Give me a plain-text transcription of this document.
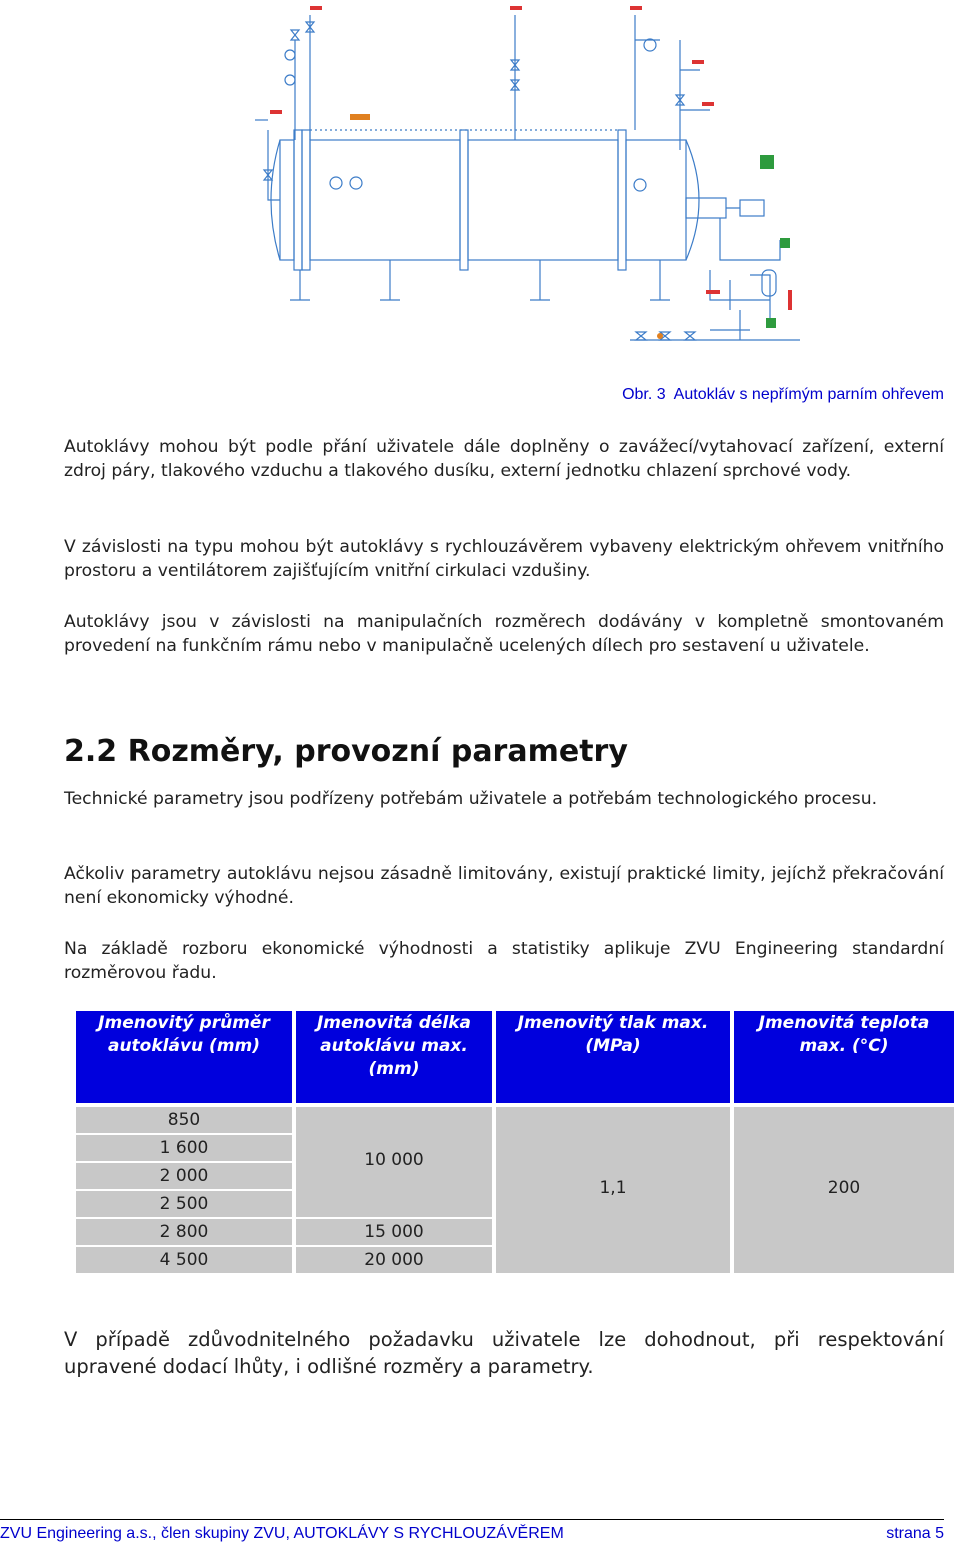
Obr. 3 Autokláv s nepřímým parním ohřevem

Autoklávy mohou být podle přání uživatele dále doplněny o zavážecí/vytahovací zařízení, externí zdroj páry, tlakového vzduchu a tlakového dusíku, externí jednotku chlazení sprchové vody.

V závislosti na typu mohou být autoklávy s rychlouzávěrem vybaveny elektrickým ohřevem vnitřního prostoru a ventilátorem zajišťujícím vnitřní cirkulaci vzdušiny.

Autoklávy jsou v závislosti na manipulačních rozměrech dodávány v kompletně smontovaném provedení na funkčním rámu nebo v manipulačně ucelených dílech pro sestavení u uživatele.

2.2 Rozměry, provozní parametry

Technické parametry jsou podřízeny potřebám uživatele a potřebám technologického procesu.

Ačkoliv parametry autoklávu nejsou zásadně limitovány, existují praktické limity, jejíchž překračování není ekonomicky výhodné.

Na základě rozboru ekonomické výhodnosti a statistiky aplikuje ZVU Engineering standardní rozměrovou řadu.

Jmenovitý průměr autoklávu (mm)
Jmenovitá délka autoklávu max. (mm)
Jmenovitý tlak max. (MPa)
Jmenovitá teplota max. (°C)
850
1 600
2 000
2 500
2 800
4 500
10 000
15 000
20 000
1,1	200

V případě zdůvodnitelného požadavku uživatele lze dohodnout, při respektování upravené dodací lhůty, i odlišné rozměry a parametry.

ZVU Engineering a.s., člen skupiny ZVU, AUTOKLÁVY S RYCHLOUZÁVĚREM	strana 5
